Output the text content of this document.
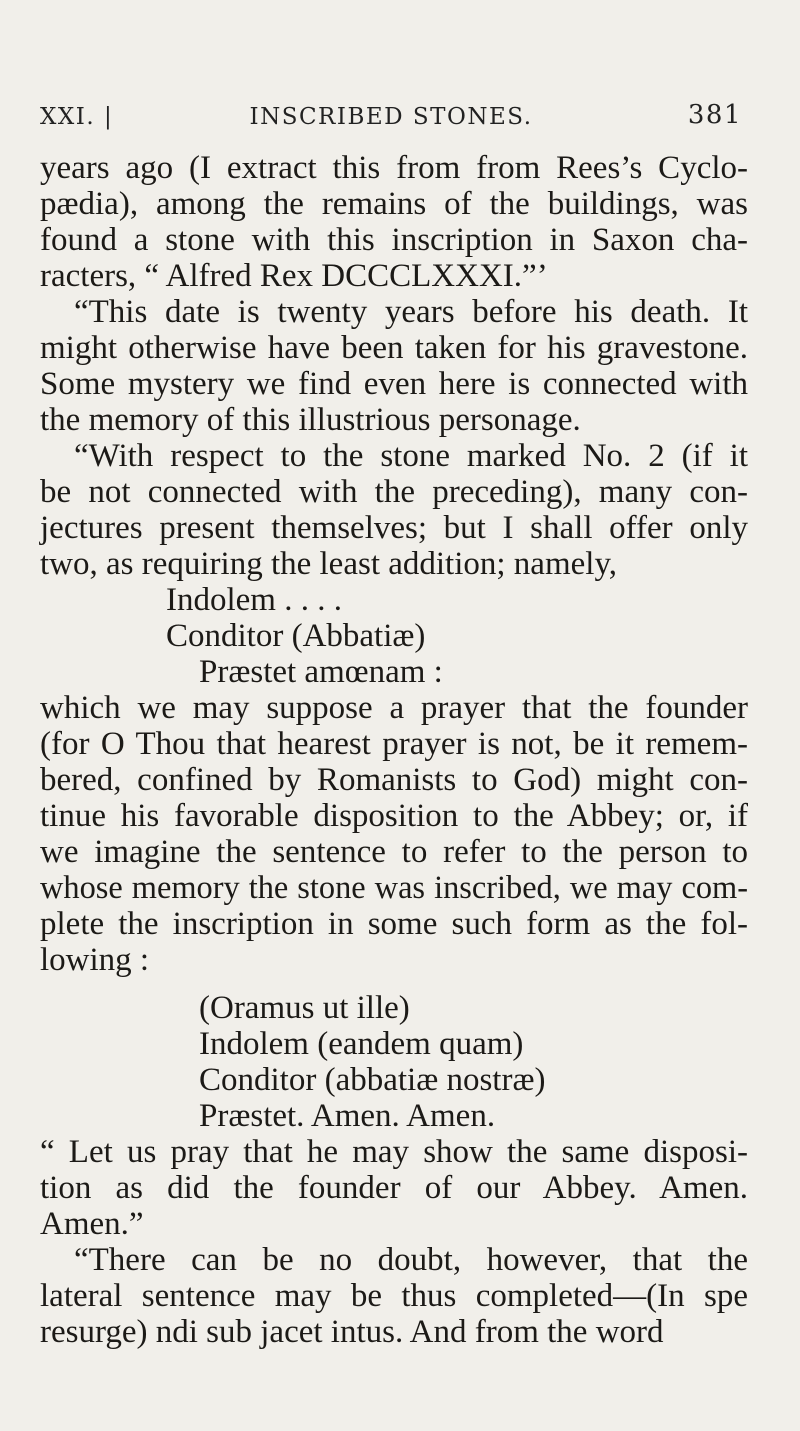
XXI. |	INSCRIBED STONES.	381
years ago (I extract this from from Rees’s Cyclo-
pædia), among the remains of the buildings, was
found a stone with this inscription in Saxon cha-
racters, “ Alfred Rex DCCCLXXXI.”’
“This date is twenty years before his death. It
might otherwise have been taken for his gravestone.
Some mystery we find even here is connected with
the memory of this illustrious personage.
“With respect to the stone marked No. 2 (if it
be not connected with the preceding), many con-
jectures present themselves; but I shall offer only
two, as requiring the least addition; namely,
Indolem . . . .
Conditor (Abbatiæ)
Præstet amœnam :
which we may suppose a prayer that the founder
(for O Thou that hearest prayer is not, be it remem-
bered, confined by Romanists to God) might con-
tinue his favorable disposition to the Abbey; or, if
we imagine the sentence to refer to the person to
whose memory the stone was inscribed, we may com-
plete the inscription in some such form as the fol-
lowing :
(Oramus ut ille)
Indolem (eandem quam)
Conditor (abbatiæ nostræ)
Præstet. Amen. Amen.
“ Let us pray that he may show the same disposi-
tion as did the founder of our Abbey. Amen.
Amen.”
“There can be no doubt, however, that the
lateral sentence may be thus completed—(In spe
resurge) ndi sub jacet intus. And from the word
